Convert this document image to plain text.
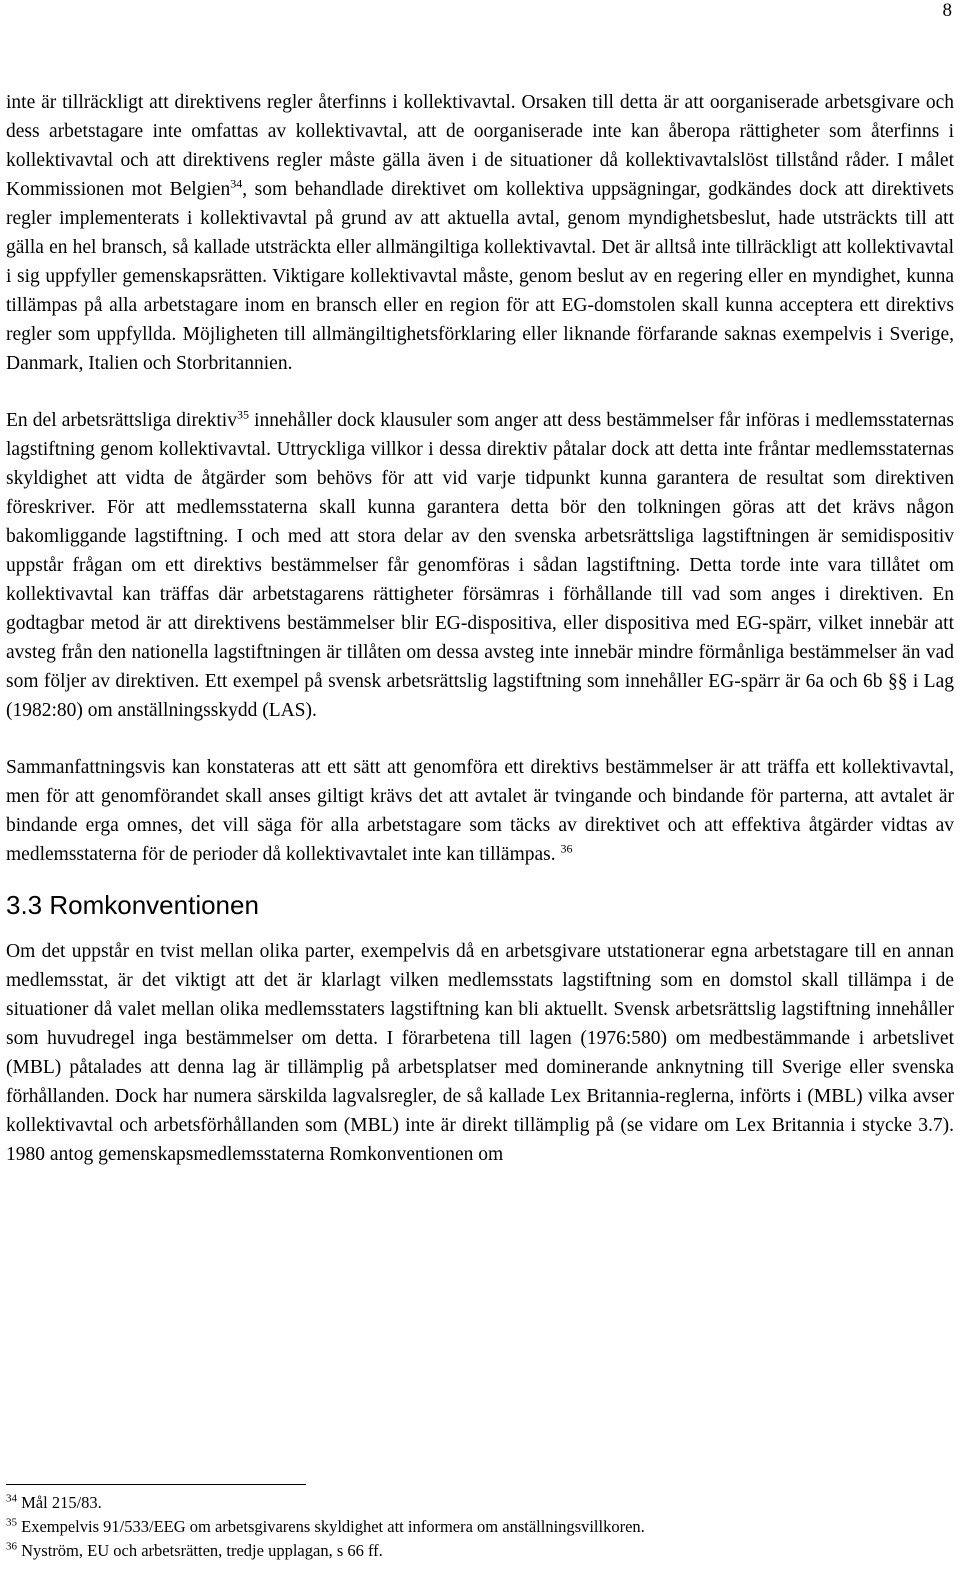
8

inte är tillräckligt att direktivens regler återfinns i kollektivavtal. Orsaken till detta är att oorganiserade arbetsgivare och dess arbetstagare inte omfattas av kollektivavtal, att de oorganiserade inte kan åberopa rättigheter som återfinns i kollektivavtal och att direktivens regler måste gälla även i de situationer då kollektivavtalslöst tillstånd råder. I målet Kommissionen mot Belgien$^{34}$, som behandlade direktivet om kollektiva uppsägningar, godkändes dock att direktivets regler implementerats i kollektivavtal på grund av att aktuella avtal, genom myndighetsbeslut, hade utsträckts till att gälla en hel bransch, så kallade utsträckta eller allmängiltiga kollektivavtal. Det är alltså inte tillräckligt att kollektivavtal i sig uppfyller gemenskapsrätten. Viktigare kollektivavtal måste, genom beslut av en regering eller en myndighet, kunna tillämpas på alla arbetstagare inom en bransch eller en region för att EG-domstolen skall kunna acceptera ett direktivs regler som uppfyllda. Möjligheten till allmängiltighetsförklaring eller liknande förfarande saknas exempelvis i Sverige, Danmark, Italien och Storbritannien.

En del arbetsrättsliga direktiv$^{35}$ innehåller dock klausuler som anger att dess bestämmelser får införas i medlemsstaternas lagstiftning genom kollektivavtal. Uttryckliga villkor i dessa direktiv påtalar dock att detta inte fråntar medlemsstaternas skyldighet att vidta de åtgärder som behövs för att vid varje tidpunkt kunna garantera de resultat som direktiven föreskriver. För att medlemsstaterna skall kunna garantera detta bör den tolkningen göras att det krävs någon bakomliggande lagstiftning. I och med att stora delar av den svenska arbetsrättsliga lagstiftningen är semidispositiv uppstår frågan om ett direktivs bestämmelser får genomföras i sådan lagstiftning. Detta torde inte vara tillåtet om kollektivavtal kan träffas där arbetstagarens rättigheter försämras i förhållande till vad som anges i direktiven. En godtagbar metod är att direktivens bestämmelser blir EG-dispositiva, eller dispositiva med EG-spärr, vilket innebär att avsteg från den nationella lagstiftningen är tillåten om dessa avsteg inte innebär mindre förmånliga bestämmelser än vad som följer av direktiven. Ett exempel på svensk arbetsrättslig lagstiftning som innehåller EG-spärr är 6a och 6b §§ i Lag (1982:80) om anställningsskydd (LAS).

Sammanfattningsvis kan konstateras att ett sätt att genomföra ett direktivs bestämmelser är att träffa ett kollektivavtal, men för att genomförandet skall anses giltigt krävs det att avtalet är tvingande och bindande för parterna, att avtalet är bindande erga omnes, det vill säga för alla arbetstagare som täcks av direktivet och att effektiva åtgärder vidtas av medlemsstaterna för de perioder då kollektivavtalet inte kan tillämpas. $^{36}$

3.3 Romkonventionen

Om det uppstår en tvist mellan olika parter, exempelvis då en arbetsgivare utstationerar egna arbetstagare till en annan medlemsstat, är det viktigt att det är klarlagt vilken medlemsstats lagstiftning som en domstol skall tillämpa i de situationer då valet mellan olika medlemsstaters lagstiftning kan bli aktuellt. Svensk arbetsrättslig lagstiftning innehåller som huvudregel inga bestämmelser om detta. I förarbetena till lagen (1976:580) om medbestämmande i arbetslivet (MBL) påtalades att denna lag är tillämplig på arbetsplatser med dominerande anknytning till Sverige eller svenska förhållanden. Dock har numera särskilda lagvalsregler, de så kallade Lex Britannia-reglerna, införts i (MBL) vilka avser kollektivavtal och arbetsförhållanden som (MBL) inte är direkt tillämplig på (se vidare om Lex Britannia i stycke 3.7). 1980 antog gemenskapsmedlemsstaterna Romkonventionen om

$^{34}$ Mål 215/83.

$^{35}$ Exempelvis 91/533/EEG om arbetsgivarens skyldighet att informera om anställningsvillkoren.

$^{36}$ Nyström, EU och arbetsrätten, tredje upplagan, s 66 ff.
